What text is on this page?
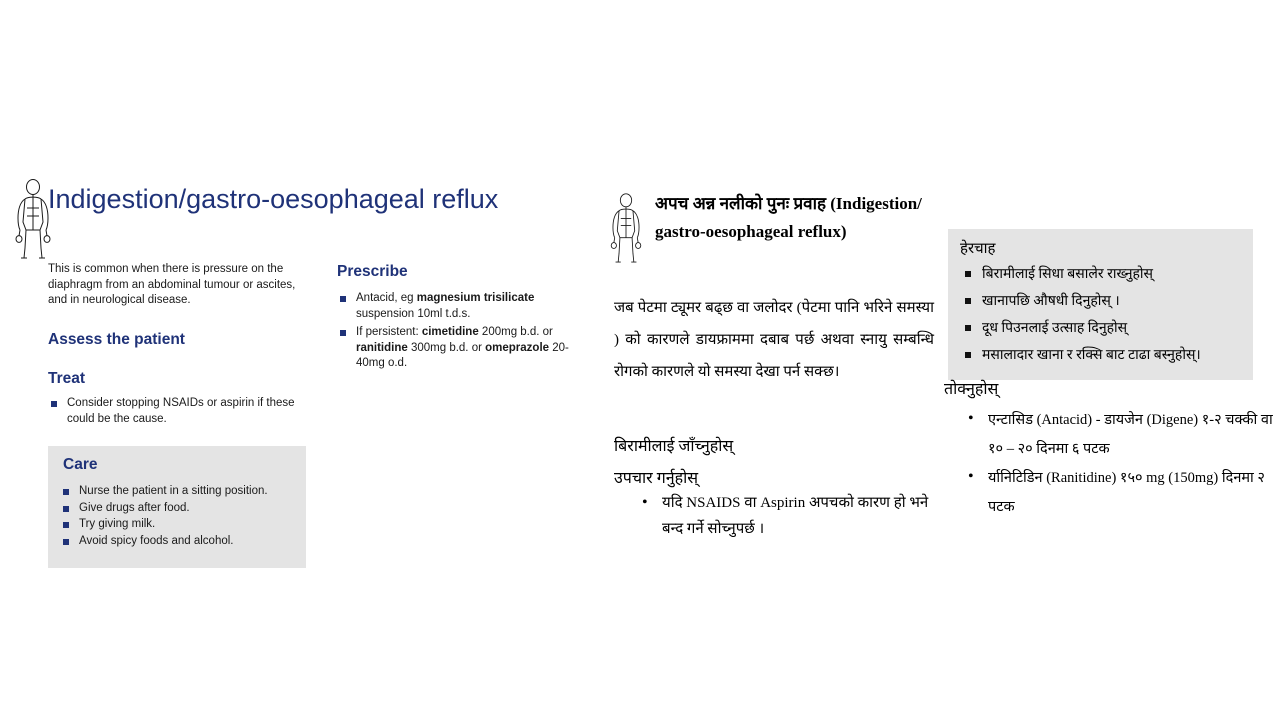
Indigestion/gastro-oesophageal reflux
This is common when there is pressure on the diaphragm from an abdominal tumour or ascites, and in neurological disease.
Assess the patient
Treat
Consider stopping NSAIDs or aspirin if these could be the cause.
Prescribe
Antacid, eg magnesium trisilicate suspension 10ml t.d.s.
If persistent: cimetidine 200mg b.d. or ranitidine 300mg b.d. or omeprazole 20-40mg o.d.
Care
Nurse the patient in a sitting position.
Give drugs after food.
Try giving milk.
Avoid spicy foods and alcohol.
अपच अन्न नलीको पुनः प्रवाह (Indigestion/ gastro-oesophageal reflux)
जब पेटमा ट्यूमर बढ्छ वा जलोदर (पेटमा पानि भरिने समस्या ) को कारणले डायफ्राममा दबाब पर्छ अथवा स्नायु सम्बन्धि रोगको कारणले यो समस्या देखा पर्न सक्छ।
बिरामीलाई जाँच्नुहोस्
उपचार गर्नुहोस्
• यदि NSAIDS वा Aspirin अपचको कारण हो भने बन्द गर्ने सोच्नुपर्छ ।
हेरचाह
बिरामीलाई सिधा बसालेर राख्नुहोस्
खानापछि औषधी दिनुहोस् ।
दूध पिउनलाई उत्साह दिनुहोस्
मसालादार खाना र रक्सि बाट टाढा बस्नुहोस्।
तोक्नुहोस्
• एन्टासिड (Antacid) - डायजेन (Digene) १-२ चक्की वा १० – २० दिनमा ६ पटक
• र्यानिटिडिन (Ranitidine) १५० mg (150mg) दिनमा २ पटक
